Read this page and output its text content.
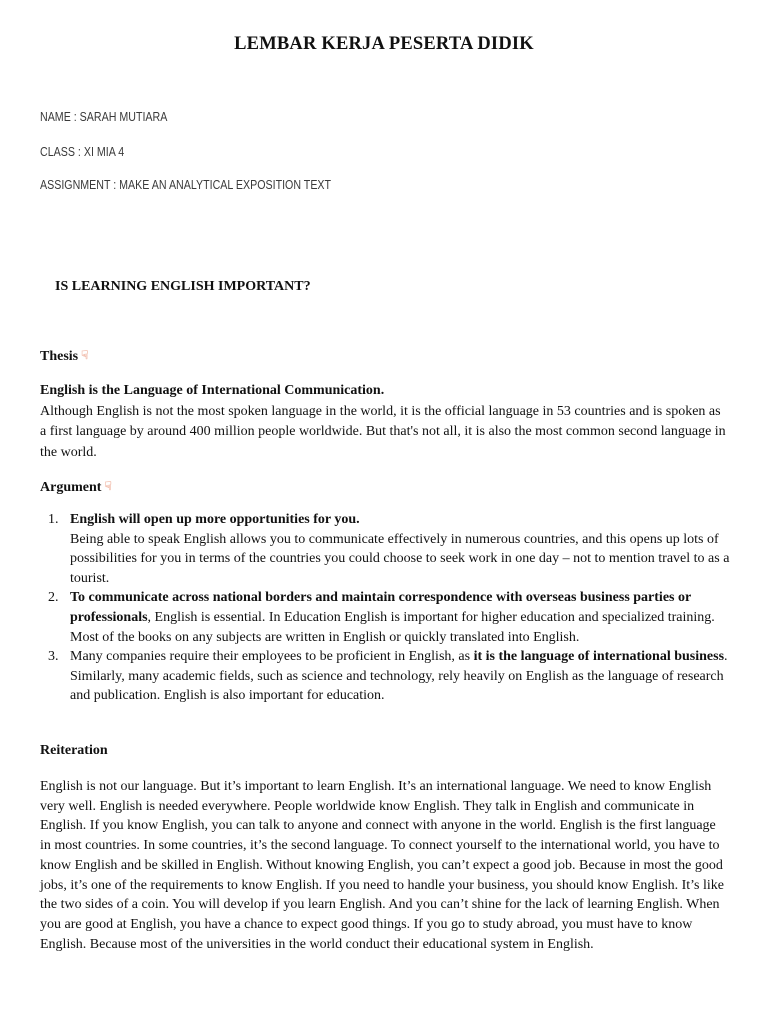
LEMBAR KERJA PESERTA DIDIK
NAME : SARAH MUTIARA
CLASS : XI MIA 4
ASSIGNMENT : MAKE AN ANALYTICAL EXPOSITION TEXT
IS LEARNING ENGLISH IMPORTANT?
Thesis ☟
English is the Language of International Communication.
Although English is not the most spoken language in the world, it is the official language in 53 countries and is spoken as a first language by around 400 million people worldwide. But that's not all, it is also the most common second language in the world.
Argument ☟
1. English will open up more opportunities for you.
Being able to speak English allows you to communicate effectively in numerous countries, and this opens up lots of possibilities for you in terms of the countries you could choose to seek work in one day – not to mention travel to as a tourist.
2. To communicate across national borders and maintain correspondence with overseas business parties or professionals, English is essential. In Education English is important for higher education and specialized training. Most of the books on any subjects are written in English or quickly translated into English.
3. Many companies require their employees to be proficient in English, as it is the language of international business. Similarly, many academic fields, such as science and technology, rely heavily on English as the language of research and publication. English is also important for education.
Reiteration
English is not our language. But it’s important to learn English. It’s an international language. We need to know English very well. English is needed everywhere. People worldwide know English. They talk in English and communicate in English. If you know English, you can talk to anyone and connect with anyone in the world. English is the first language in most countries. In some countries, it’s the second language. To connect yourself to the international world, you have to know English and be skilled in English. Without knowing English, you can’t expect a good job. Because in most the good jobs, it’s one of the requirements to know English. If you need to handle your business, you should know English. It’s like the two sides of a coin. You will develop if you learn English. And you can’t shine for the lack of learning English. When you are good at English, you have a chance to expect good things. If you go to study abroad, you must have to know English. Because most of the universities in the world conduct their educational system in English.
